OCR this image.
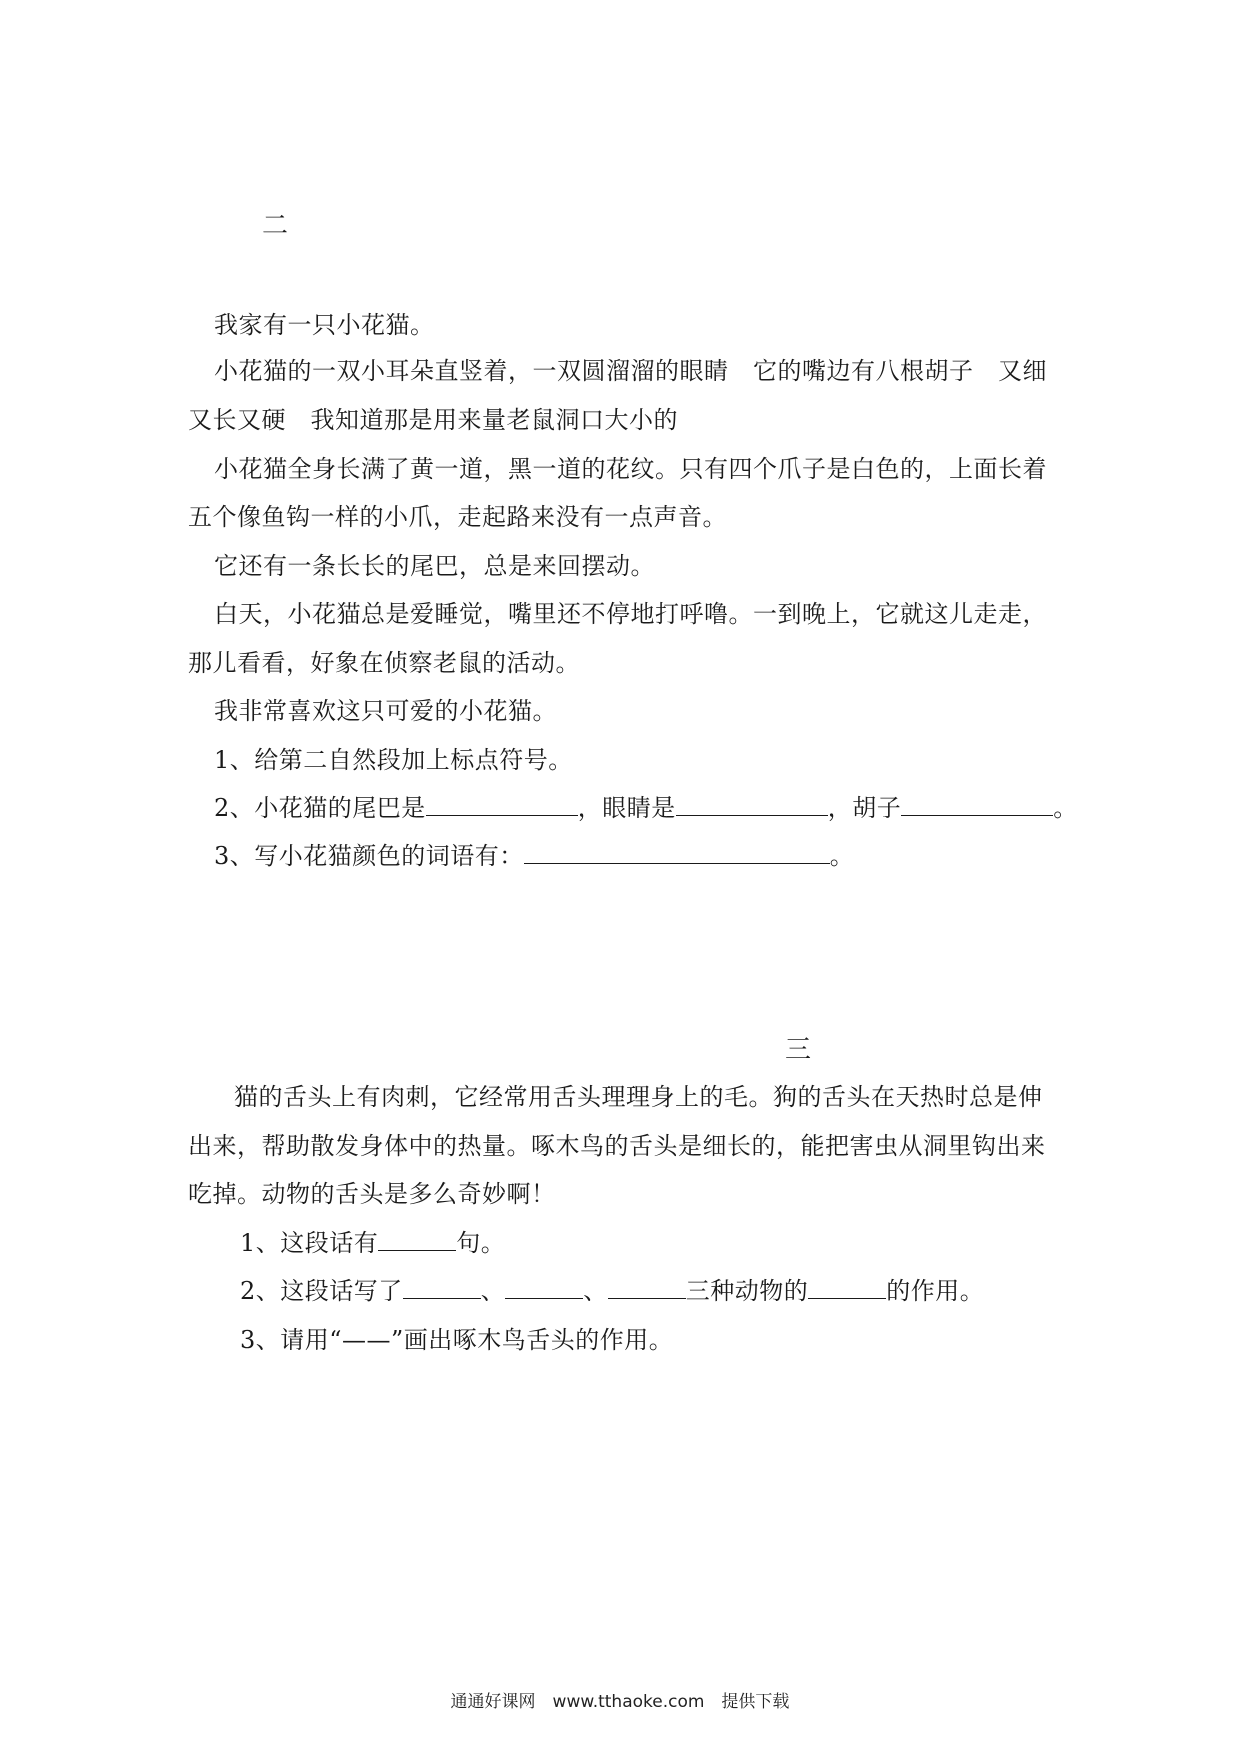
二
我家有一只小花猫。
小花猫的一双小耳朵直竖着，一双圆溜溜的眼睛　它的嘴边有八根胡子　又细
又长又硬　我知道那是用来量老鼠洞口大小的
小花猫全身长满了黄一道，黑一道的花纹。只有四个爪子是白色的，上面长着
五个像鱼钩一样的小爪，走起路来没有一点声音。
它还有一条长长的尾巴，总是来回摆动。
白天，小花猫总是爱睡觉，嘴里还不停地打呼噜。一到晚上，它就这儿走走，
那儿看看，好象在侦察老鼠的活动。
我非常喜欢这只可爱的小花猫。
1、给第二自然段加上标点符号。
2、小花猫的尾巴是	，眼睛是	，胡子	。
3、写小花猫颜色的词语有：	。
三
猫的舌头上有肉刺，它经常用舌头理理身上的毛。狗的舌头在天热时总是伸
出来，帮助散发身体中的热量。啄木鸟的舌头是细长的，能把害虫从洞里钩出来
吃掉。动物的舌头是多么奇妙啊！
1、这段话有	句。
2、这段话写了	、	、	三种动物的	的作用。
3、请用“——”画出啄木鸟舌头的作用。
通通好课网　www.tthaoke.com　提供下载
